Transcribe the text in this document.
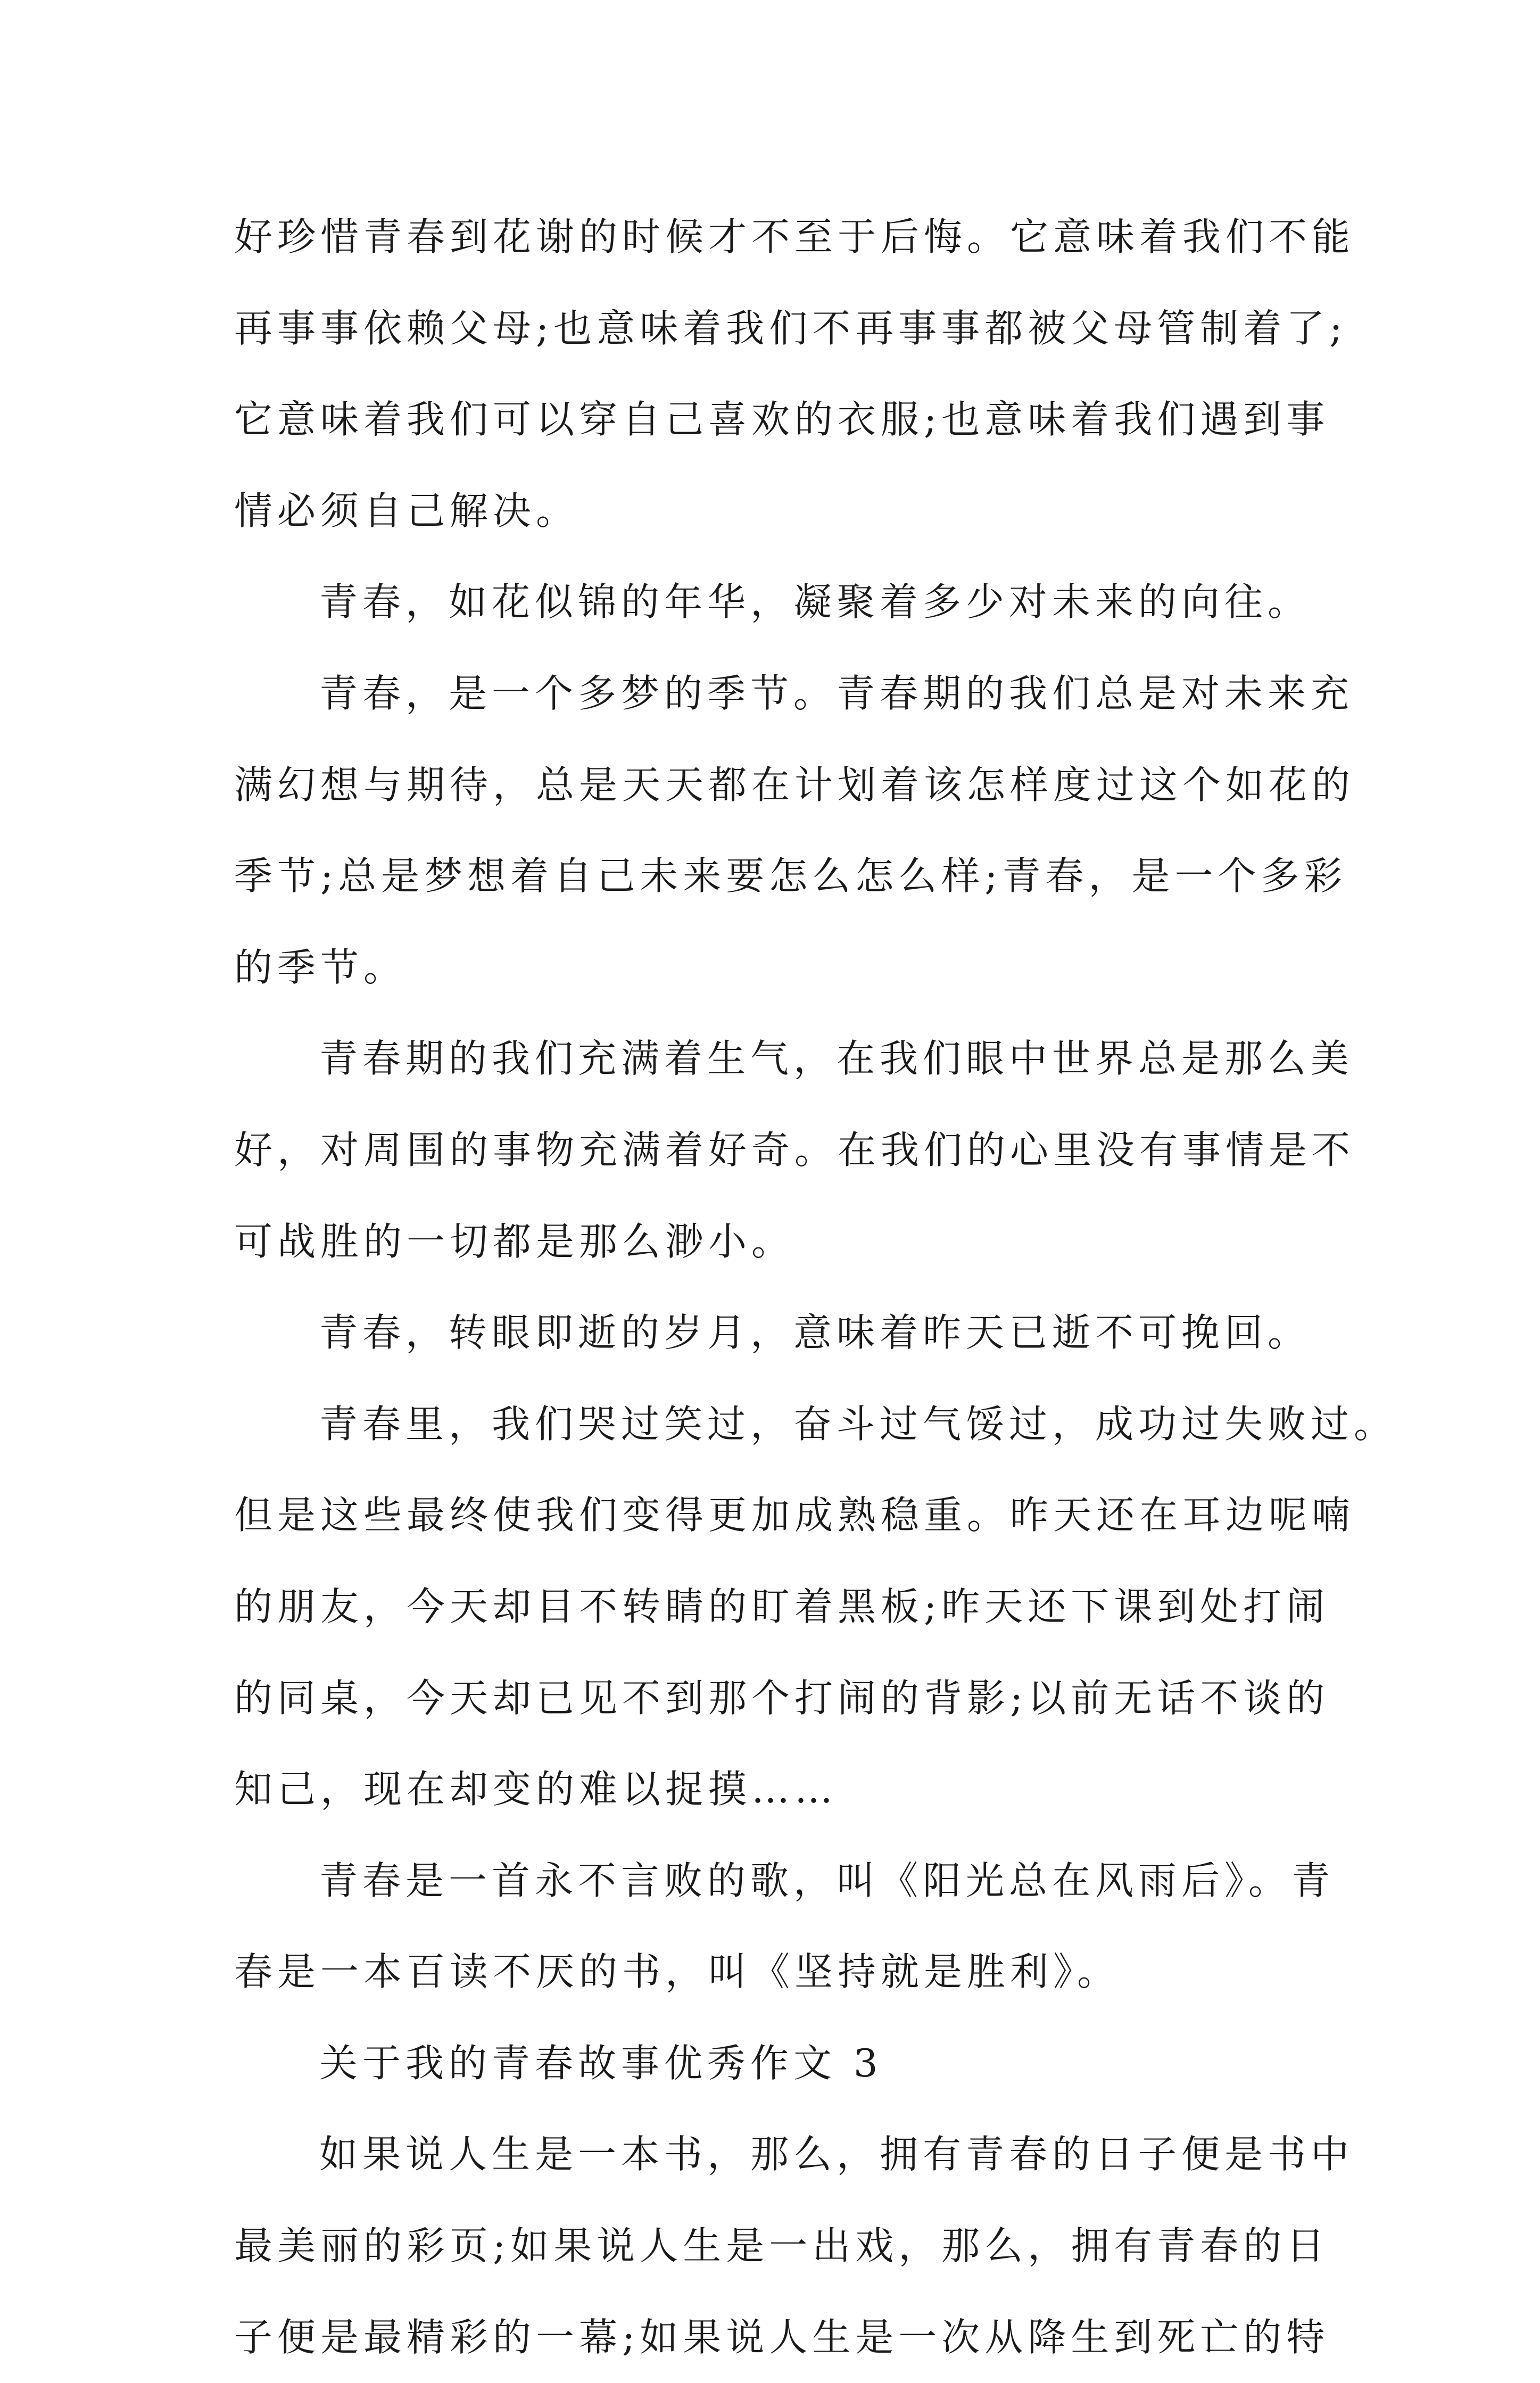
好珍惜青春到花谢的时候才不至于后悔。它意味着我们不能
再事事依赖父母;也意味着我们不再事事都被父母管制着了;
它意味着我们可以穿自己喜欢的衣服;也意味着我们遇到事
情必须自己解决。
青春，如花似锦的年华，凝聚着多少对未来的向往。
青春，是一个多梦的季节。青春期的我们总是对未来充
满幻想与期待，总是天天都在计划着该怎样度过这个如花的
季节;总是梦想着自己未来要怎么怎么样;青春，是一个多彩
的季节。
青春期的我们充满着生气，在我们眼中世界总是那么美
好，对周围的事物充满着好奇。在我们的心里没有事情是不
可战胜的一切都是那么渺小。
青春，转眼即逝的岁月，意味着昨天已逝不可挽回。
青春里，我们哭过笑过，奋斗过气馁过，成功过失败过。
但是这些最终使我们变得更加成熟稳重。昨天还在耳边呢喃
的朋友，今天却目不转睛的盯着黑板;昨天还下课到处打闹
的同桌，今天却已见不到那个打闹的背影;以前无话不谈的
知己，现在却变的难以捉摸……
青春是一首永不言败的歌，叫《阳光总在风雨后》。青
春是一本百读不厌的书，叫《坚持就是胜利》。
关于我的青春故事优秀作文 3
如果说人生是一本书，那么，拥有青春的日子便是书中
最美丽的彩页;如果说人生是一出戏，那么，拥有青春的日
子便是最精彩的一幕;如果说人生是一次从降生到死亡的特
